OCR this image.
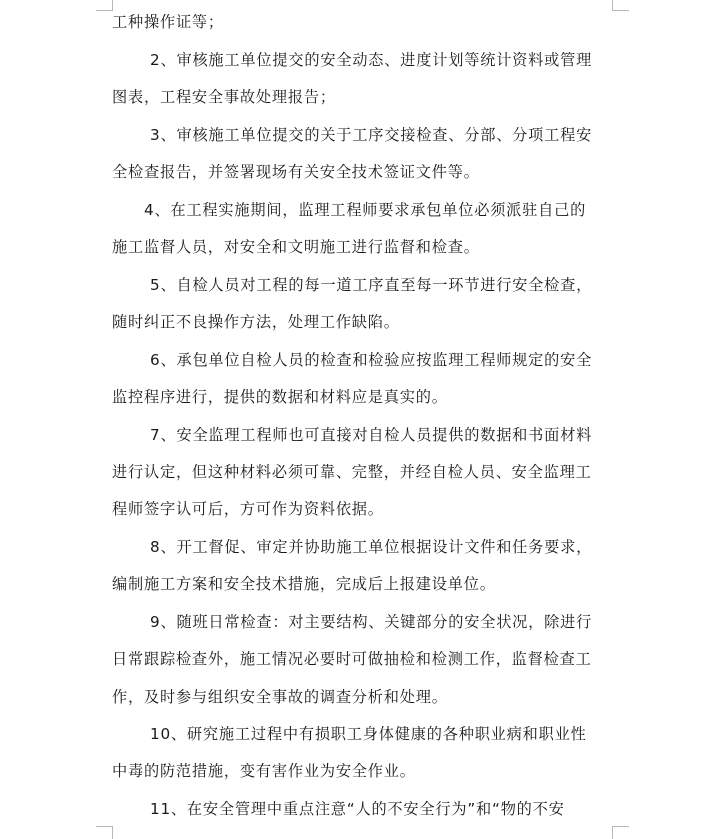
工种操作证等；
2、审核施工单位提交的安全动态、进度计划等统计资料或管理
图表，工程安全事故处理报告；
3、审核施工单位提交的关于工序交接检查、分部、分项工程安
全检查报告，并签署现场有关安全技术签证文件等。
4、在工程实施期间，监理工程师要求承包单位必须派驻自己的
施工监督人员，对安全和文明施工进行监督和检查。
5、自检人员对工程的每一道工序直至每一环节进行安全检查，
随时纠正不良操作方法，处理工作缺陷。
6、承包单位自检人员的检查和检验应按监理工程师规定的安全
监控程序进行，提供的数据和材料应是真实的。
7、安全监理工程师也可直接对自检人员提供的数据和书面材料
进行认定，但这种材料必须可靠、完整，并经自检人员、安全监理工
程师签字认可后，方可作为资料依据。
8、开工督促、审定并协助施工单位根据设计文件和任务要求，
编制施工方案和安全技术措施，完成后上报建设单位。
9、随班日常检查：对主要结构、关键部分的安全状况，除进行
日常跟踪检查外，施工情况必要时可做抽检和检测工作，监督检查工
作，及时参与组织安全事故的调查分析和处理。
10、研究施工过程中有损职工身体健康的各种职业病和职业性
中毒的防范措施，变有害作业为安全作业。
11、在安全管理中重点注意“人的不安全行为”和“物的不安
